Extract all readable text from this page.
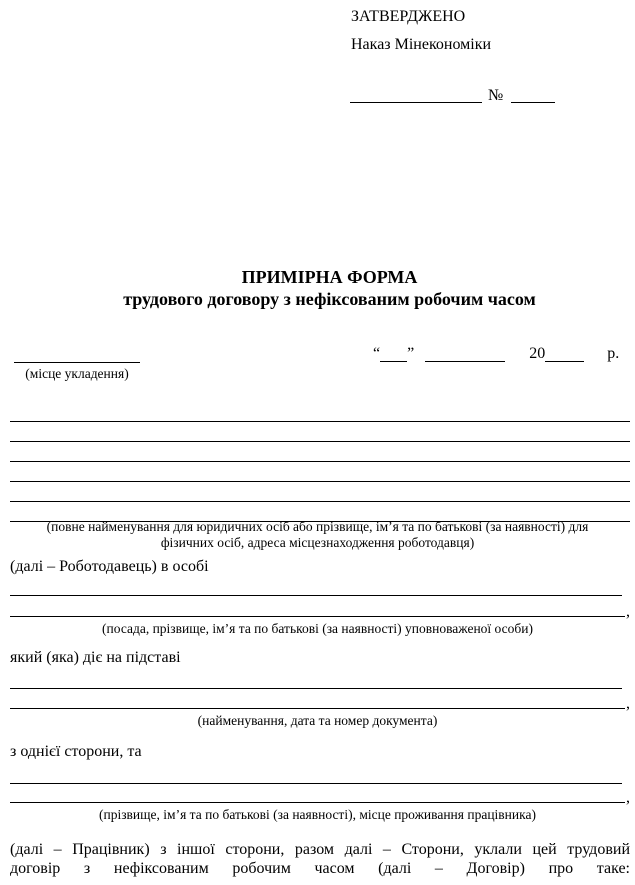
ЗАТВЕРДЖЕНО
Наказ Мінекономіки
№
ПРИМІРНА ФОРМА
трудового договору з нефіксованим робочим часом
(місце укладення)
“ ”	20	р.
(повне найменування для юридичних осіб або прізвище, ім’я та по батькові (за наявності) для
фізичних осіб, адреса місцезнаходження роботодавця)
(далі – Роботодавець) в особі
,
(посада, прізвище, ім’я та по батькові (за наявності) уповноваженої особи)
який (яка) діє на підставі
,
(найменування, дата та номер документа)
з однієї сторони, та
,
(прізвище, ім’я та по батькові (за наявності), місце проживання працівника)
(далі – Працівник) з іншої сторони, разом далі – Сторони, уклали цей трудовий
договір з нефіксованим робочим часом (далі – Договір) про таке:
